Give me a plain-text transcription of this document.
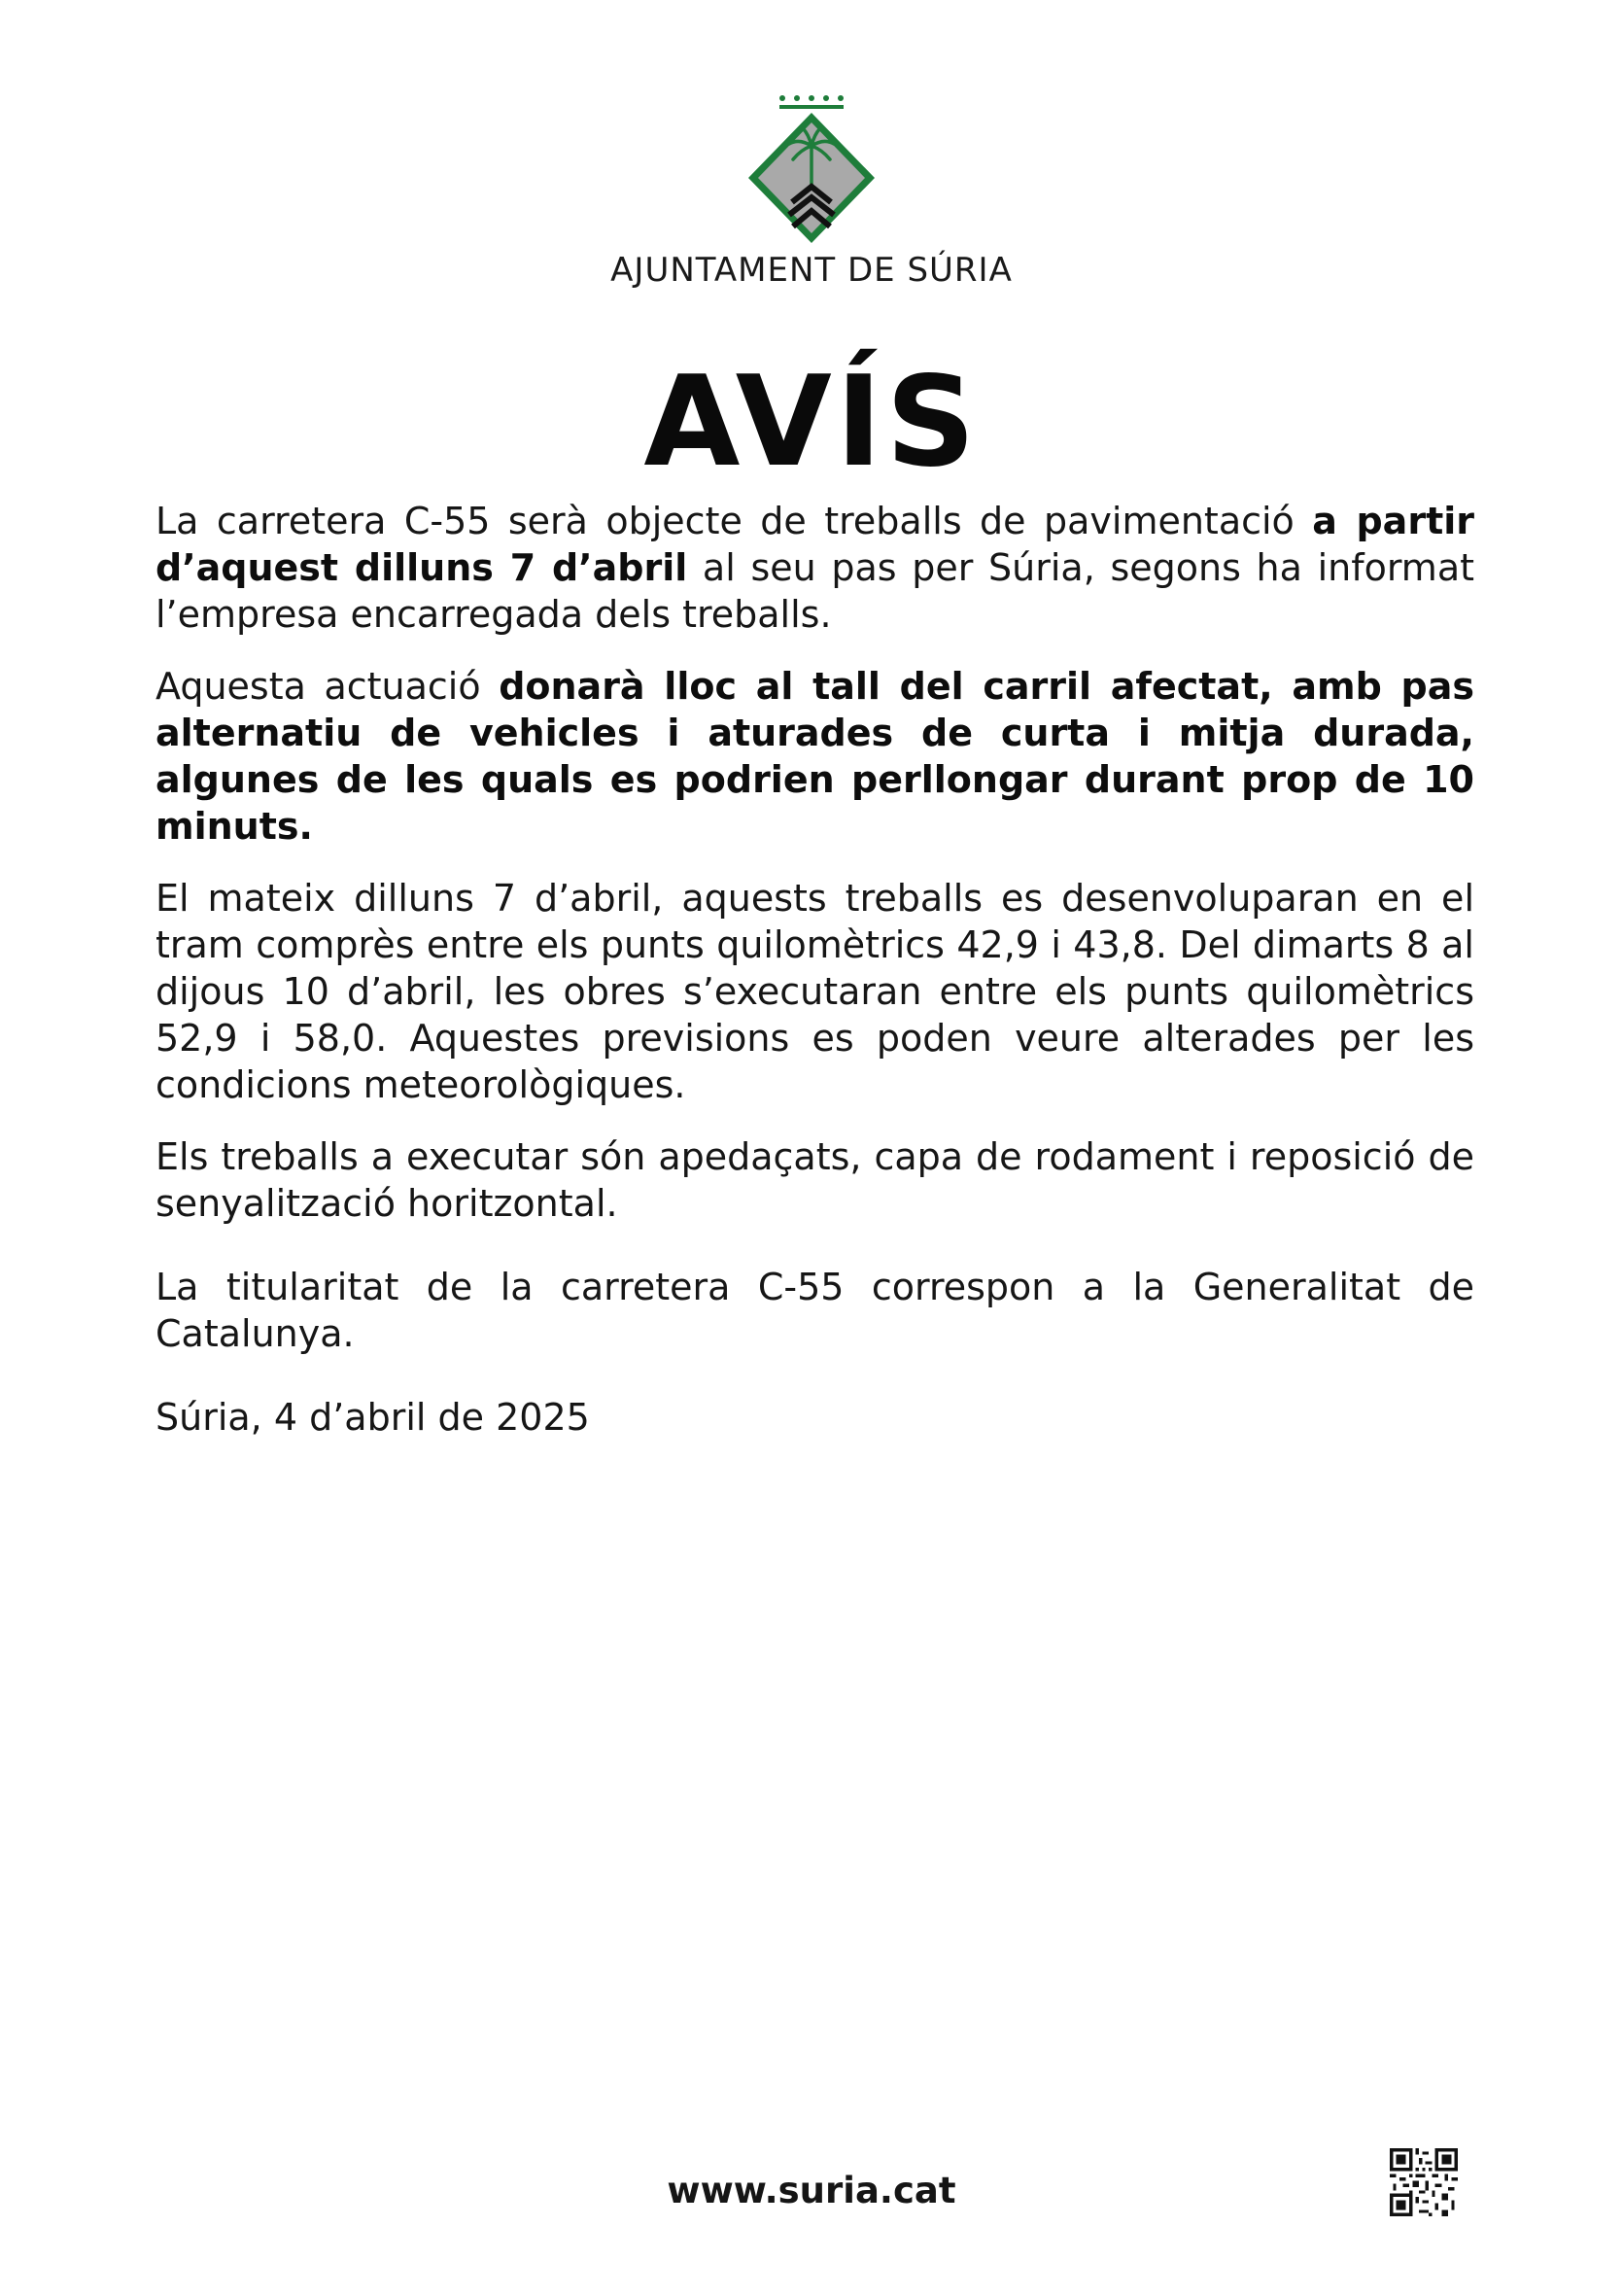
AJUNTAMENT DE SÚRIA
AVÍS

La carretera C-55 serà objecte de treballs de pavimentació a partir d’aquest dilluns 7 d’abril al seu pas per Súria, segons ha informat l’empresa encarregada dels treballs.

Aquesta actuació donarà lloc al tall del carril afectat, amb pas alternatiu de vehicles i aturades de curta i mitja durada, algunes de les quals es podrien perllongar durant prop de 10 minuts.

El mateix dilluns 7 d’abril, aquests treballs es desenvoluparan en el tram comprès entre els punts quilomètrics 42,9 i 43,8. Del dimarts 8 al dijous 10 d’abril, les obres s’executaran entre els punts quilomètrics 52,9 i 58,0. Aquestes previsions es poden veure alterades per les condicions meteorològiques.

Els treballs a executar són apedaçats, capa de rodament i reposició de senyalització horitzontal.

La titularitat de la carretera C-55 correspon a la Generalitat de Catalunya.

Súria, 4 d’abril de 2025

www.suria.cat
